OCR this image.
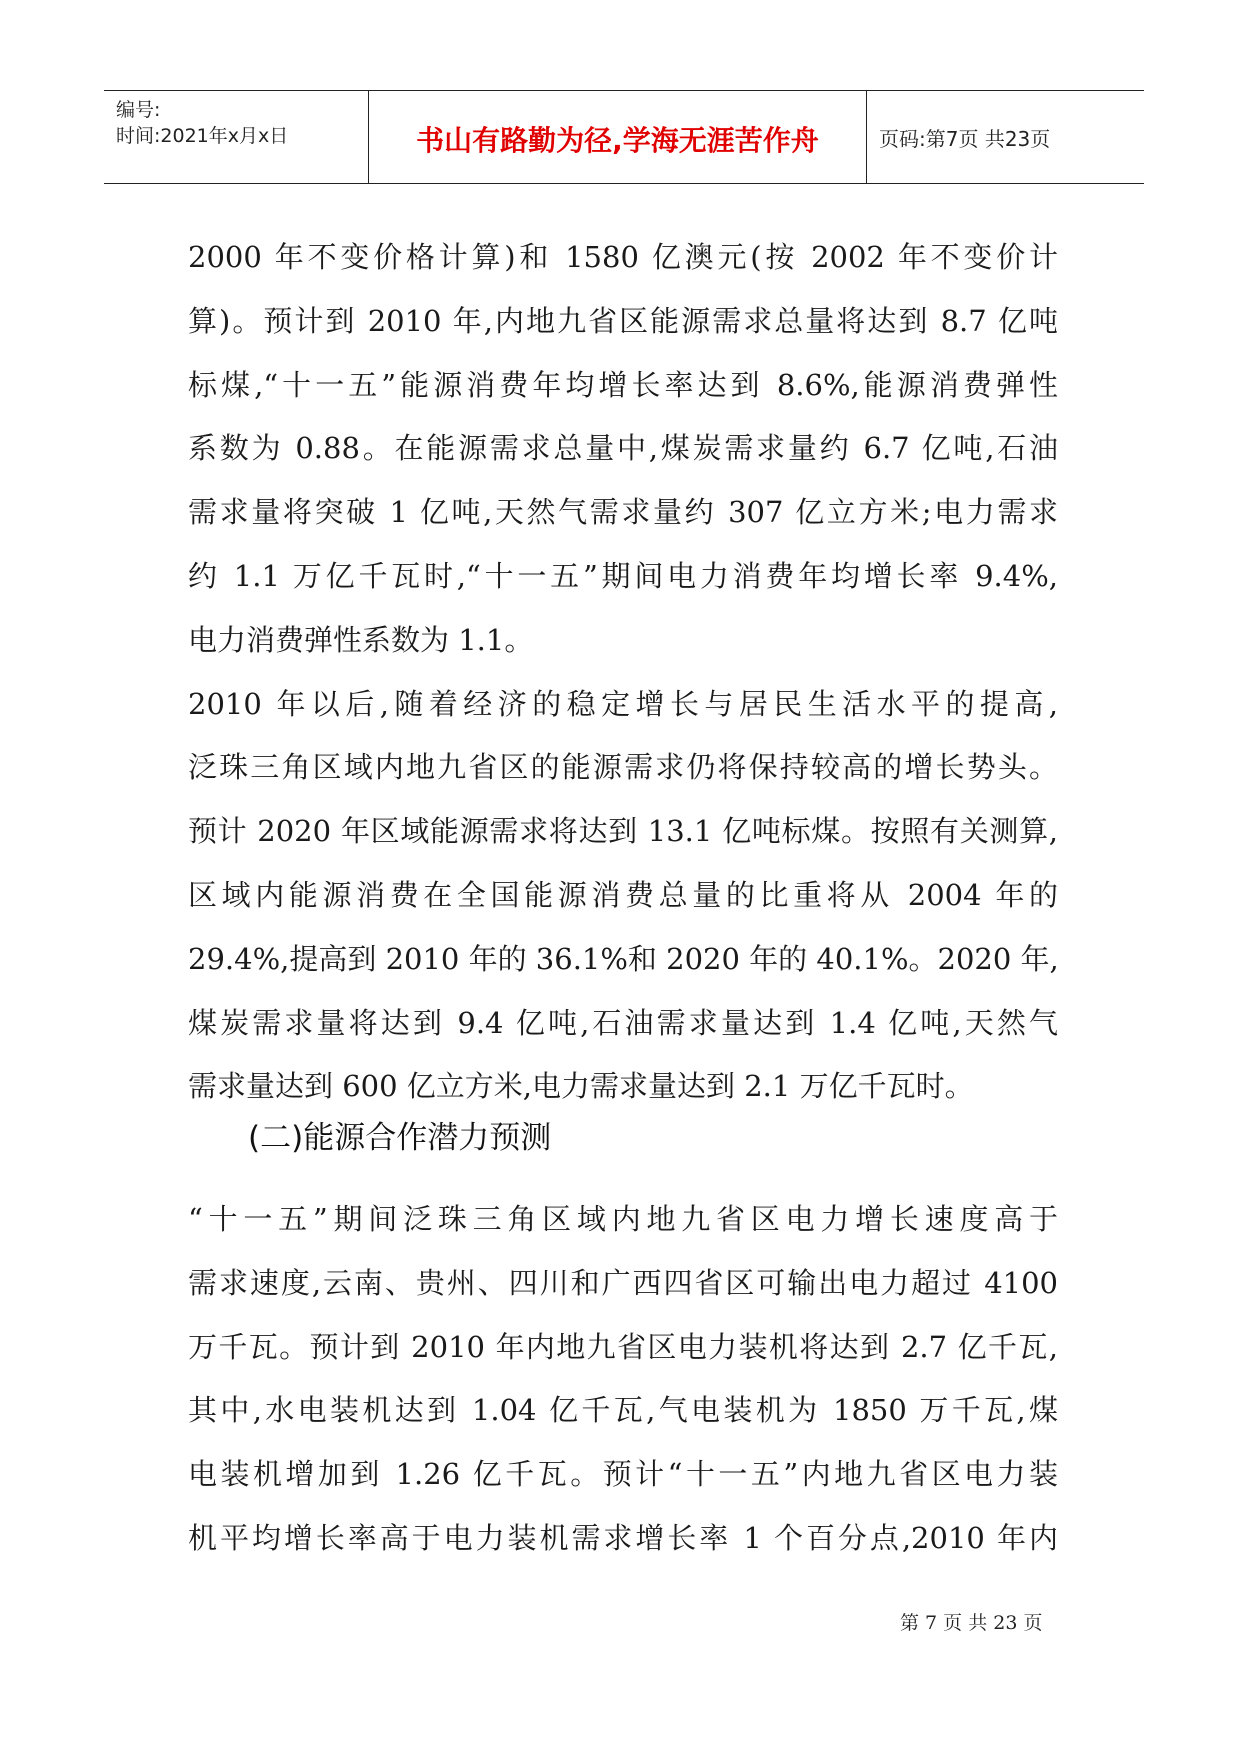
编号:
时间:2021年x月x日	书山有路勤为径,学海无涯苦作舟	页码:第7页 共23页
2000 年不变价格计算)和 1580 亿澳元(按 2002 年不变价计
算)。预计到 2010 年,内地九省区能源需求总量将达到 8.7 亿吨
标煤,“十一五”能源消费年均增长率达到 8.6%,能源消费弹性
系数为 0.88。在能源需求总量中,煤炭需求量约 6.7 亿吨,石油
需求量将突破 1 亿吨,天然气需求量约 307 亿立方米;电力需求
约 1.1 万亿千瓦时,“十一五”期间电力消费年均增长率 9.4%,
电力消费弹性系数为 1.1。
2010 年以后,随着经济的稳定增长与居民生活水平的提高,
泛珠三角区域内地九省区的能源需求仍将保持较高的增长势头。
预计 2020 年区域能源需求将达到 13.1 亿吨标煤。按照有关测算,
区域内能源消费在全国能源消费总量的比重将从 2004 年的
29.4%,提高到 2010 年的 36.1%和 2020 年的 40.1%。2020 年,
煤炭需求量将达到 9.4 亿吨,石油需求量达到 1.4 亿吨,天然气
需求量达到 600 亿立方米,电力需求量达到 2.1 万亿千瓦时。
(二)能源合作潜力预测
“十一五”期间泛珠三角区域内地九省区电力增长速度高于
需求速度,云南、贵州、四川和广西四省区可输出电力超过 4100
万千瓦。预计到 2010 年内地九省区电力装机将达到 2.7 亿千瓦,
其中,水电装机达到 1.04 亿千瓦,气电装机为 1850 万千瓦,煤
电装机增加到 1.26 亿千瓦。预计“十一五”内地九省区电力装
机平均增长率高于电力装机需求增长率 1 个百分点,2010 年内
第 7 页 共 23 页
